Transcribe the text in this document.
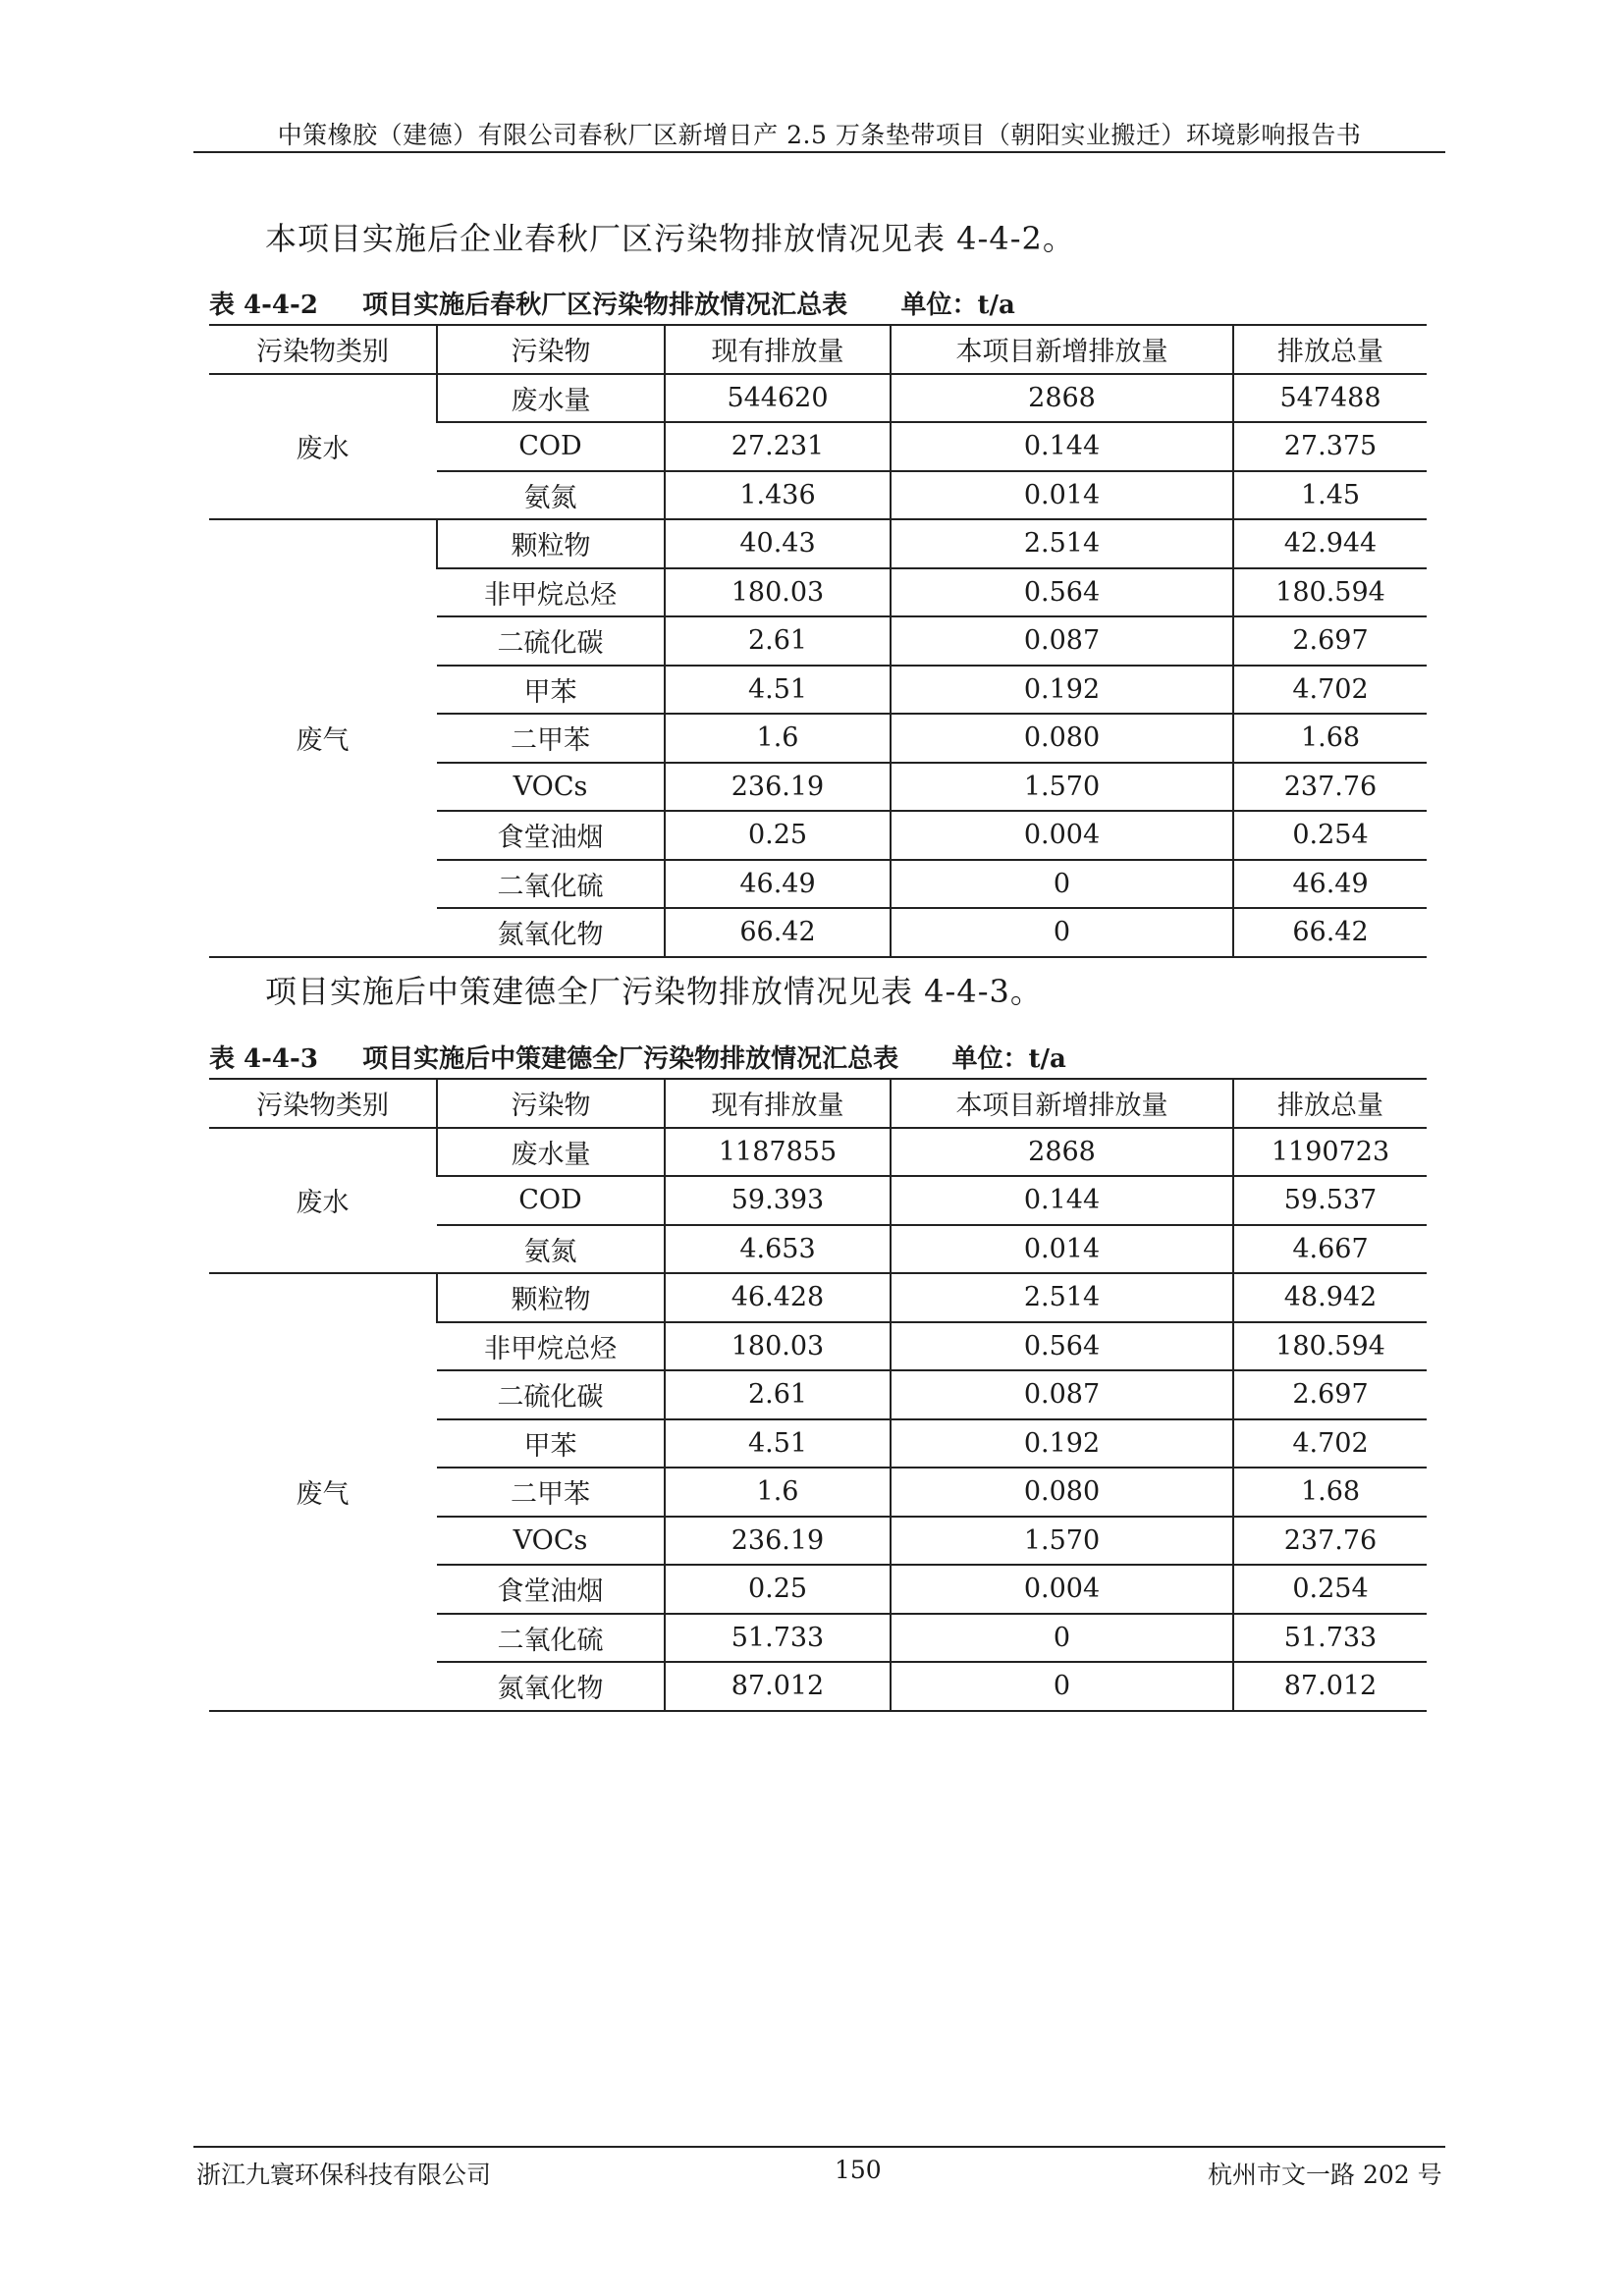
中策橡胶（建德）有限公司春秋厂区新增日产 2.5 万条垫带项目（朝阳实业搬迁）环境影响报告书
本项目实施后企业春秋厂区污染物排放情况见表 4-4-2。
表 4-4-2     项目实施后春秋厂区污染物排放情况汇总表      单位：t/a
污染物类别	污染物	现有排放量	本项目新增排放量	排放总量
废水	废水量	544620	2868	547488
	COD	27.231	0.144	27.375
	氨氮	1.436	0.014	1.45
废气	颗粒物	40.43	2.514	42.944
	非甲烷总烃	180.03	0.564	180.594
	二硫化碳	2.61	0.087	2.697
	甲苯	4.51	0.192	4.702
	二甲苯	1.6	0.080	1.68
	VOCs	236.19	1.570	237.76
	食堂油烟	0.25	0.004	0.254
	二氧化硫	46.49	0	46.49
	氮氧化物	66.42	0	66.42
项目实施后中策建德全厂污染物排放情况见表 4-4-3。
表 4-4-3     项目实施后中策建德全厂污染物排放情况汇总表      单位：t/a
污染物类别	污染物	现有排放量	本项目新增排放量	排放总量
废水	废水量	1187855	2868	1190723
	COD	59.393	0.144	59.537
	氨氮	4.653	0.014	4.667
废气	颗粒物	46.428	2.514	48.942
	非甲烷总烃	180.03	0.564	180.594
	二硫化碳	2.61	0.087	2.697
	甲苯	4.51	0.192	4.702
	二甲苯	1.6	0.080	1.68
	VOCs	236.19	1.570	237.76
	食堂油烟	0.25	0.004	0.254
	二氧化硫	51.733	0	51.733
	氮氧化物	87.012	0	87.012
浙江九寰环保科技有限公司	150	杭州市文一路 202 号
